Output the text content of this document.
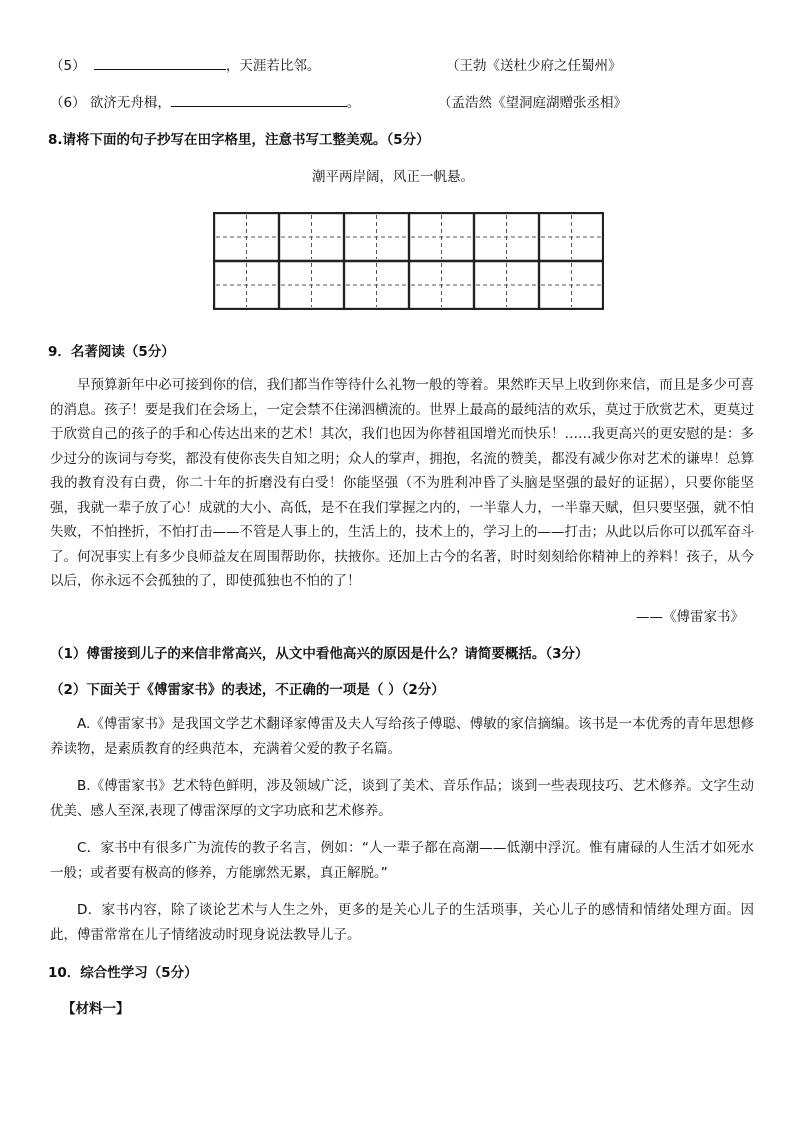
（5）	，天涯若比邻。	（王勃《送杜少府之任蜀州》
（6） 欲济无舟楫，	。	（孟浩然《望洞庭湖赠张丞相》
8.请将下面的句子抄写在田字格里，注意书写工整美观。（5分）
潮平两岸阔，风正一帆悬。
9．名著阅读（5分）
早预算新年中必可接到你的信，我们都当作等待什么礼物一般的等着。果然昨天早上收到你来信，而且是多少可喜的消息。孩子！要是我们在会场上，一定会禁不住涕泗横流的。世界上最高的最纯洁的欢乐，莫过于欣赏艺术，更莫过于欣赏自己的孩子的手和心传达出来的艺术！其次，我们也因为你替祖国增光而快乐！……我更高兴的更安慰的是：多少过分的诙词与夸奖，都没有使你丧失自知之明；众人的掌声，拥抱，名流的赞美，都没有减少你对艺术的谦卑！总算我的教育没有白费，你二十年的折磨没有白受！你能坚强（不为胜利冲昏了头脑是坚强的最好的证据），只要你能坚强，我就一辈子放了心！成就的大小、高低，是不在我们掌握之内的，一半靠人力，一半靠天赋，但只要坚强，就不怕失败，不怕挫折，不怕打击——不管是人事上的，生活上的，技术上的，学习上的——打击；从此以后你可以孤军奋斗了。何况事实上有多少良师益友在周围帮助你，扶掖你。还加上古今的名著，时时刻刻给你精神上的养料！孩子，从今以后，你永远不会孤独的了，即使孤独也不怕的了！
——《傅雷家书》
（1）傅雷接到儿子的来信非常高兴，从文中看他高兴的原因是什么？请简要概括。（3分）
（2）下面关于《傅雷家书》的表述，不正确的一项是（ ）（2分）
A.《傅雷家书》是我国文学艺术翻译家傅雷及夫人写给孩子傅聪、傅敏的家信摘编。该书是一本优秀的青年思想修养读物，是素质教育的经典范本，充满着父爱的教子名篇。
B.《傅雷家书》艺术特色鲜明，涉及领域广泛，谈到了美术、音乐作品；谈到一些表现技巧、艺术修养。文字生动优美、感人至深,表现了傅雷深厚的文字功底和艺术修养。
C．家书中有很多广为流传的教子名言，例如：“人一辈子都在高潮——低潮中浮沉。惟有庸碌的人生活才如死水一般；或者要有极高的修养，方能廓然无累，真正解脱。”
D．家书内容，除了谈论艺术与人生之外，更多的是关心儿子的生活琐事，关心儿子的感情和情绪处理方面。因此，傅雷常常在儿子情绪波动时现身说法教导儿子。
10．综合性学习（5分）
【材料一】
